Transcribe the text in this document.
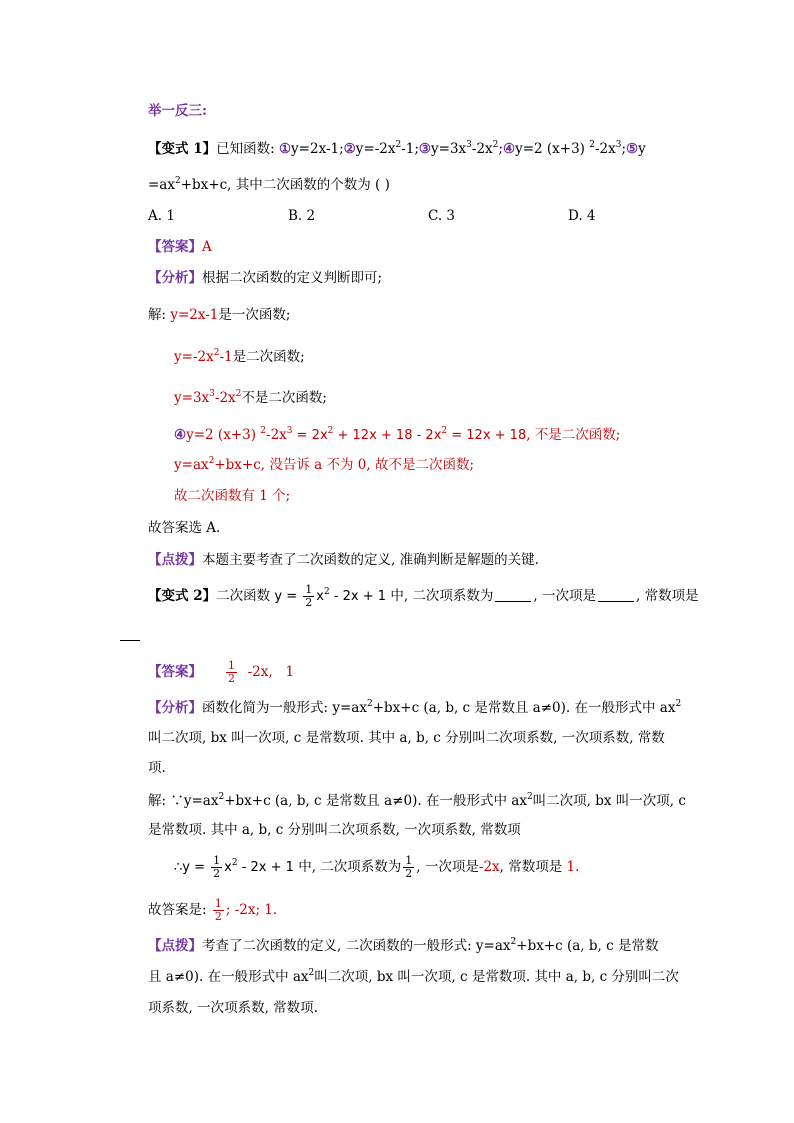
举一反三:
【变式 1】已知函数: $①y=2x-1;②y=-2x^2-1;③y=3x^3-2x^2;④y=2$ (x+3) $^2-2x^3;⑤y$
$=ax^2+bx+c$, 其中二次函数的个数为 ( )
A. 1	B. 2	C. 3	D. 4
【答案】A
【分析】根据二次函数的定义判断即可;
解: y=2x-1是一次函数;
$y=-2x^2-1$是二次函数;
$y=3x^3-2x^2$不是二次函数;
④y=2 (x+3) $^2-2x^3 = 2x^2 + 12x + 18 - 2x^2 = 12x + 18$, 不是二次函数;
$y=ax^2+bx+c$, 没告诉 a 不为 0, 故不是二次函数;
故二次函数有 1 个;
故答案选 A.
【点拨】本题主要考查了二次函数的定义, 准确判断是解题的关键.
【变式 2】二次函数 $y = \frac{1}{2} x^2 - 2x + 1$ 中, 二次项系数为	, 一次项是	, 常数项是
【答案】 $\frac{1}{2} -2x$, 1
【分析】函数化简为一般形式: $y=ax^2+bx+c$ (a, b, c 是常数且 a≠0). 在一般形式中 $ax^2$
叫二次项, bx 叫一次项, c 是常数项. 其中 a, b, c 分别叫二次项系数, 一次项系数, 常数
项.
解: $\because y=ax^2+bx+c$ (a, b, c 是常数且 a≠0). 在一般形式中 $ax^2$叫二次项, bx 叫一次项, c
是常数项. 其中 a, b, c 分别叫二次项系数, 一次项系数, 常数项
∴y = $\frac{1}{2} x^2 - 2x + 1$ 中, 二次项系数为 $\frac{1}{2}$ , 一次项是-2x, 常数项是 1.
故答案是: $\frac{1}{2}$ ; -2x; 1.
【点拨】考查了二次函数的定义, 二次函数的一般形式: $y=ax^2+bx+c$ (a, b, c 是常数
且 a≠0). 在一般形式中 $ax^2$叫二次项, bx 叫一次项, c 是常数项. 其中 a, b, c 分别叫二次
项系数, 一次项系数, 常数项.
